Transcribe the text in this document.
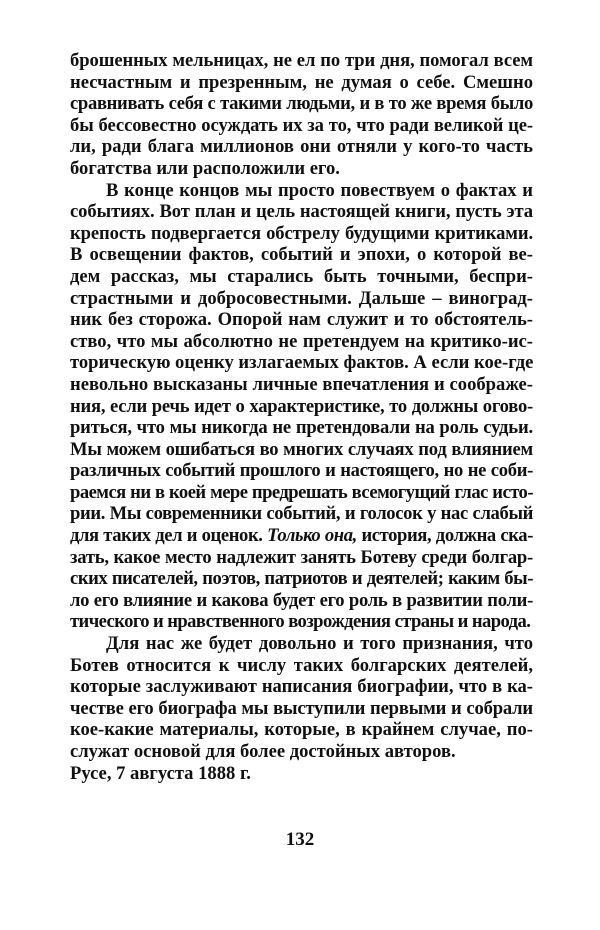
брошенных мельницах, не ел по три дня, помогал всем
несчастным и презренным, не думая о себе. Смешно
сравнивать себя с такими людьми, и в то же время было
бы бессовестно осуждать их за то, что ради великой це-
ли, ради блага миллионов они отняли у кого-то часть
богатства или расположили его.
В конце концов мы просто повествуем о фактах и
событиях. Вот план и цель настоящей книги, пусть эта
крепость подвергается обстрелу будущими критиками.
В освещении фактов, событий и эпохи, о которой ве-
дем рассказ, мы старались быть точными, беспри-
страстными и добросовестными. Дальше – виноград-
ник без сторожа. Опорой нам служит и то обстоятель-
ство, что мы абсолютно не претендуем на критико-ис-
торическую оценку излагаемых фактов. А если кое-где
невольно высказаны личные впечатления и соображе-
ния, если речь идет о характеристике, то должны огово-
риться, что мы никогда не претендовали на роль судьи.
Мы можем ошибаться во многих случаях под влиянием
различных событий прошлого и настоящего, но не соби-
раемся ни в коей мере предрешать всемогущий глас исто-
рии. Мы современники событий, и голосок у нас слабый
для таких дел и оценок. Только она, история, должна ска-
зать, какое место надлежит занять Ботеву среди болгар-
ских писателей, поэтов, патриотов и деятелей; каким бы-
ло его влияние и какова будет его роль в развитии поли-
тического и нравственного возрождения страны и народа.
Для нас же будет довольно и того признания, что
Ботев относится к числу таких болгарских деятелей,
которые заслуживают написания биографии, что в ка-
честве его биографа мы выступили первыми и собрали
кое-какие материалы, которые, в крайнем случае, по-
служат основой для более достойных авторов.
Русе, 7 августа 1888 г.
132
